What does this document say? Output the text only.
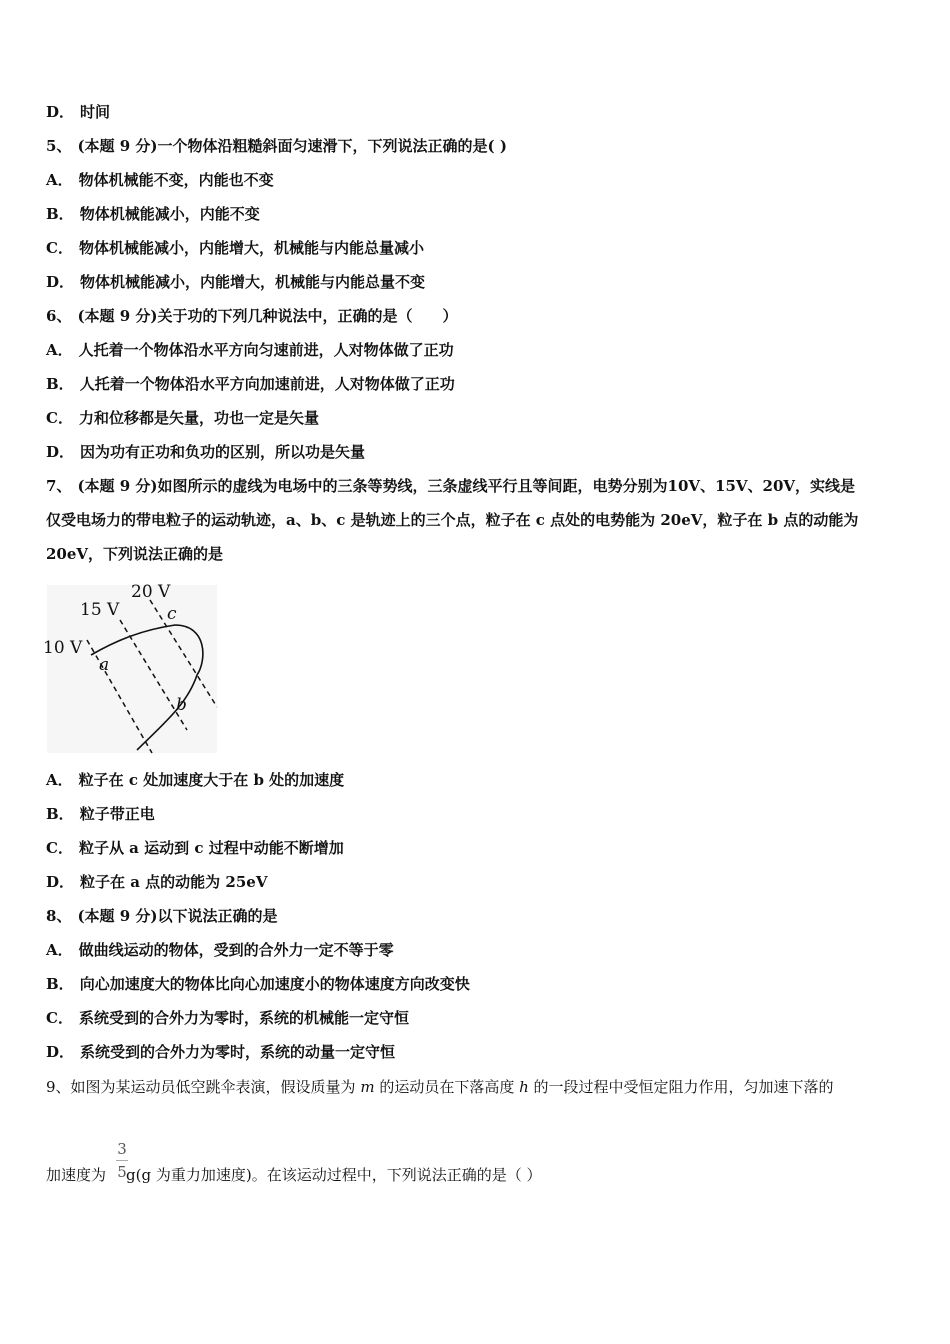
D． 时间
5、 (本题 9 分)一个物体沿粗糙斜面匀速滑下，下列说法正确的是( )
A． 物体机械能不变，内能也不变
B． 物体机械能减小，内能不变
C． 物体机械能减小，内能增大，机械能与内能总量减小
D． 物体机械能减小，内能增大，机械能与内能总量不变
6、 (本题 9 分)关于功的下列几种说法中，正确的是（　　）
A． 人托着一个物体沿水平方向匀速前进，人对物体做了正功
B． 人托着一个物体沿水平方向加速前进，人对物体做了正功
C． 力和位移都是矢量，功也一定是矢量
D． 因为功有正功和负功的区别，所以功是矢量
7、 (本题 9 分)如图所示的虚线为电场中的三条等势线，三条虚线平行且等间距，电势分别为10V、15V、20V，实线是
仅受电场力的带电粒子的运动轨迹，a、b、c 是轨迹上的三个点，粒子在 c 点处的电势能为 20eV，粒子在 b 点的动能为
20eV，下列说法正确的是
A． 粒子在 c 处加速度大于在 b 处的加速度
B． 粒子带正电
C． 粒子从 a 运动到 c 过程中动能不断增加
D． 粒子在 a 点的动能为 25eV
8、 (本题 9 分)以下说法正确的是
A． 做曲线运动的物体，受到的合外力一定不等于零
B． 向心加速度大的物体比向心加速度小的物体速度方向改变快
C． 系统受到的合外力为零时，系统的机械能一定守恒
D． 系统受到的合外力为零时，系统的动量一定守恒
10 V
15 V
20 V
a
b
c
9、如图为某运动员低空跳伞表演，假设质量为 m 的运动员在下落高度 h 的一段过程中受恒定阻力作用，匀加速下落的
3
5
加速度为 g(g 为重力加速度)。在该运动过程中，下列说法正确的是（ ）
